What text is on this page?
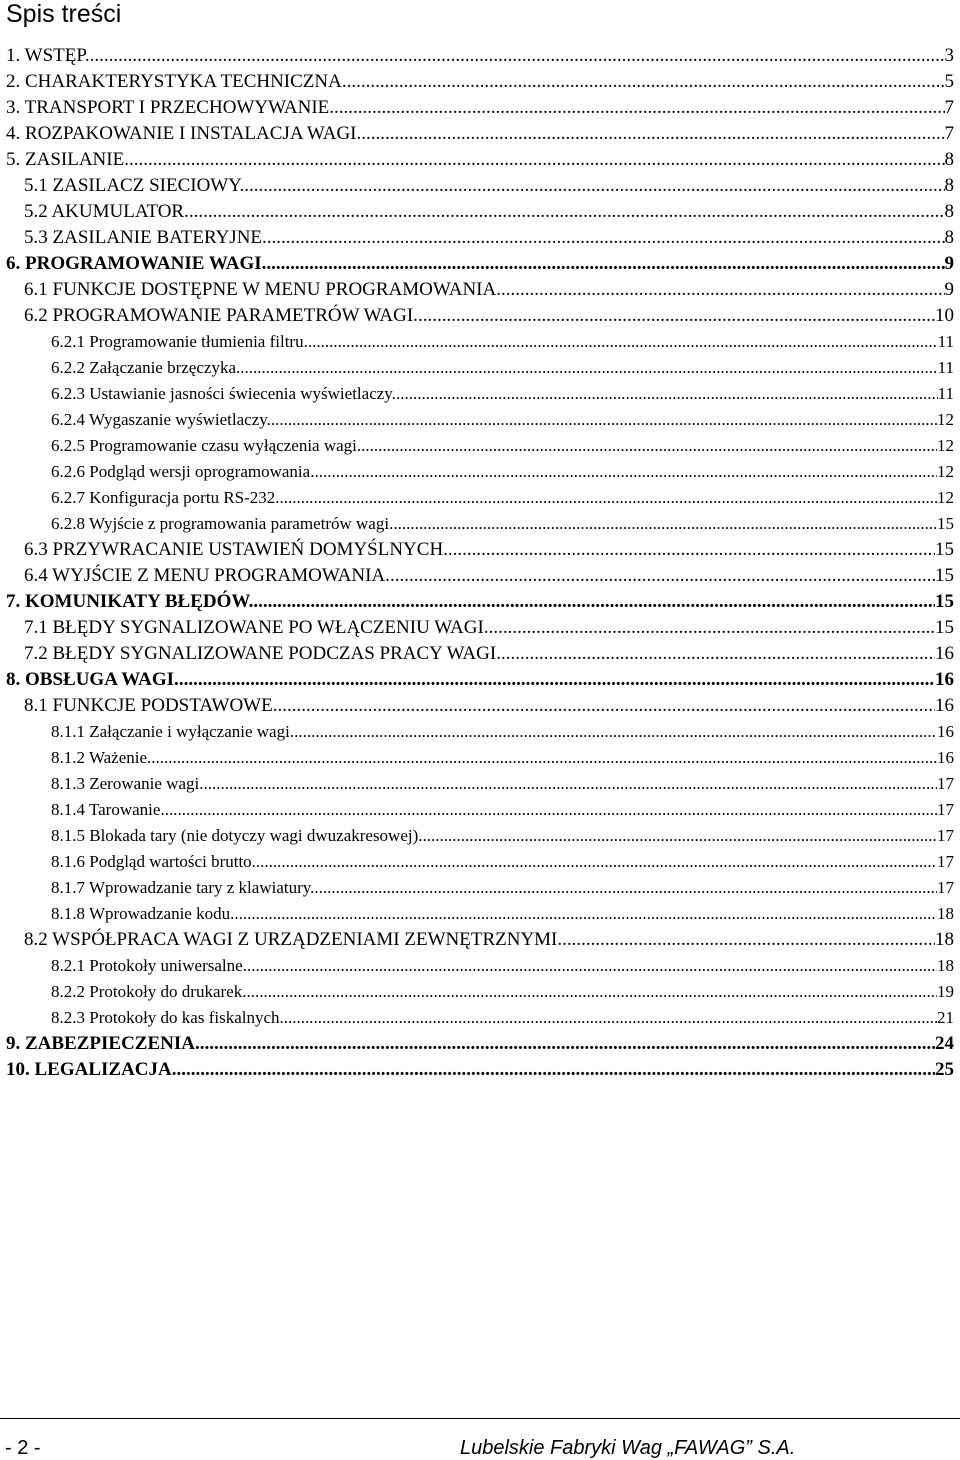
Spis treści
1. WSTĘP. .....	3
2. CHARAKTERYSTYKA TECHNICZNA. .....	5
3. TRANSPORT I PRZECHOWYWANIE. .....	7
4. ROZPAKOWANIE I INSTALACJA WAGI. .....	7
5. ZASILANIE. .....	8
5.1 ZASILACZ SIECIOWY. .....	8
5.2 AKUMULATOR. .....	8
5.3 ZASILANIE BATERYJNE. .....	8
6. PROGRAMOWANIE WAGI. .....	9
6.1 FUNKCJE DOSTĘPNE W MENU PROGRAMOWANIA. .....	9
6.2 PROGRAMOWANIE PARAMETRÓW WAGI. .....	10
6.2.1 Programowanie tłumienia filtru. .....	11
6.2.2 Załączanie brzęczyka. .....	11
6.2.3 Ustawianie jasności świecenia wyświetlaczy. .....	11
6.2.4 Wygaszanie wyświetlaczy. .....	12
6.2.5 Programowanie czasu wyłączenia wagi. .....	12
6.2.6 Podgląd wersji oprogramowania. .....	12
6.2.7 Konfiguracja portu RS-232. .....	12
6.2.8 Wyjście z programowania parametrów wagi. .....	15
6.3 PRZYWRACANIE USTAWIEŃ DOMYŚLNYCH. .....	15
6.4 WYJŚCIE Z MENU PROGRAMOWANIA. .....	15
7. KOMUNIKATY BŁĘDÓW. .....	15
7.1 BŁĘDY SYGNALIZOWANE PO WŁĄCZENIU WAGI. .....	15
7.2 BŁĘDY SYGNALIZOWANE PODCZAS PRACY WAGI. .....	16
8. OBSŁUGA WAGI. .....	16
8.1 FUNKCJE PODSTAWOWE. .....	16
8.1.1 Załączanie i wyłączanie wagi. .....	16
8.1.2 Ważenie. .....	16
8.1.3 Zerowanie wagi. .....	17
8.1.4 Tarowanie. .....	17
8.1.5 Blokada tary (nie dotyczy wagi dwuzakresowej). .....	17
8.1.6 Podgląd wartości brutto. .....	17
8.1.7 Wprowadzanie tary z klawiatury. .....	17
8.1.8 Wprowadzanie kodu. .....	18
8.2 WSPÓŁPRACA WAGI Z URZĄDZENIAMI ZEWNĘTRZNYMI. .....	18
8.2.1 Protokoły uniwersalne. .....	18
8.2.2 Protokoły do drukarek. .....	19
8.2.3 Protokoły do kas fiskalnych. .....	21
9. ZABEZPIECZENIA. .....	24
10. LEGALIZACJA. .....	25
- 2 -	Lubelskie Fabryki Wag „FAWAG” S.A.
